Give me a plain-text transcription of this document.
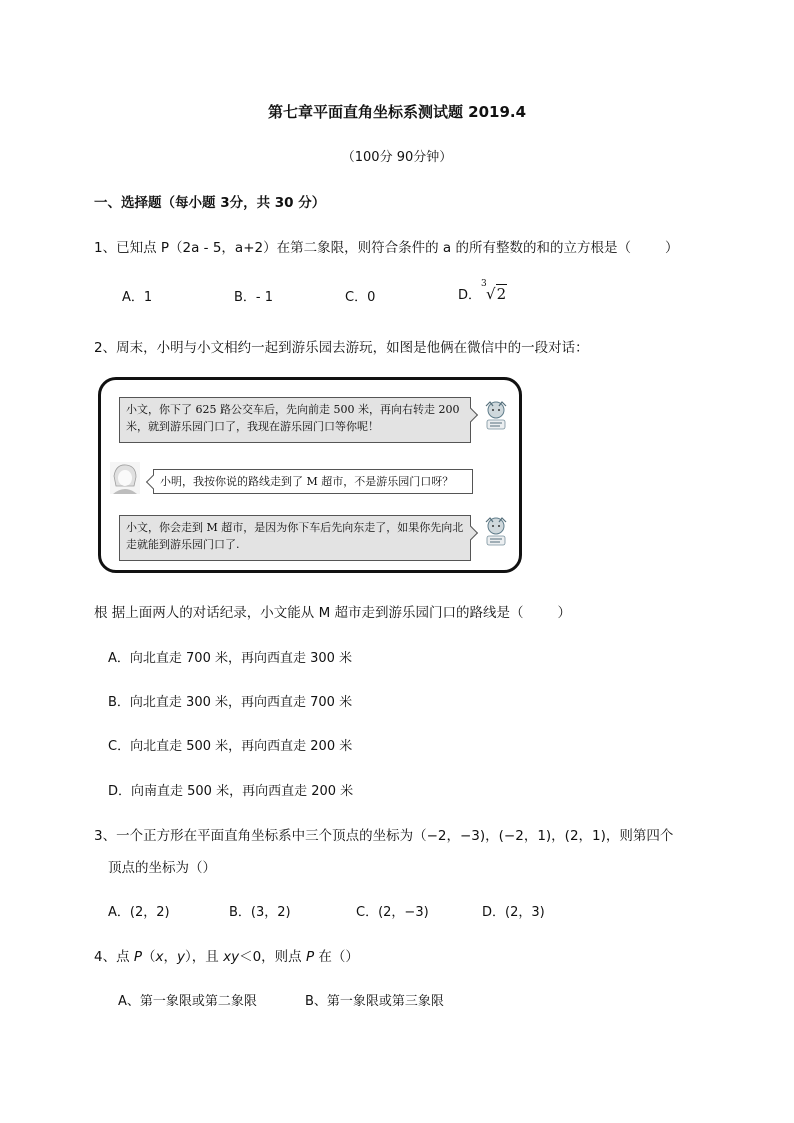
第七章平面直角坐标系测试题 2019.4
（100分 90分钟）
一、选择题（每小题 3分，共 30 分）
1、已知点 P（2a - 5，a+2）在第二象限，则符合条件的 a 的所有整数的和的立方根是（	）
A．1	B．- 1	C．0	D．
3
√2
2、周末，小明与小文相约一起到游乐园去游玩，如图是他俩在微信中的一段对话：
小文，你下了 625 路公交车后，先向前走 500 米，再向右转走 200 米，就到游乐园门口了，我现在游乐园门口等你呢！
小明，我按你说的路线走到了 M 超市，不是游乐园门口呀？
小文，你会走到 M 超市，是因为你下车后先向东走了，如果你先向北走就能到游乐园门口了.
根 据上面两人的对话纪录，小文能从 M 超市走到游乐园门口的路线是（	）
A．向北直走 700 米，再向西直走 300 米
B．向北直走 300 米，再向西直走 700 米
C．向北直走 500 米，再向西直走 200 米
D．向南直走 500 米，再向西直走 200 米
3、一个正方形在平面直角坐标系中三个顶点的坐标为（−2，−3)，(−2，1)，(2，1)，则第四个
顶点的坐标为（）
A．(2，2)	B．(3，2)	C．(2，−3)	D．(2，3)
4、点 P（x，y），且 xy＜0，则点 P 在（）
A、第一象限或第二象限	B、第一象限或第三象限
